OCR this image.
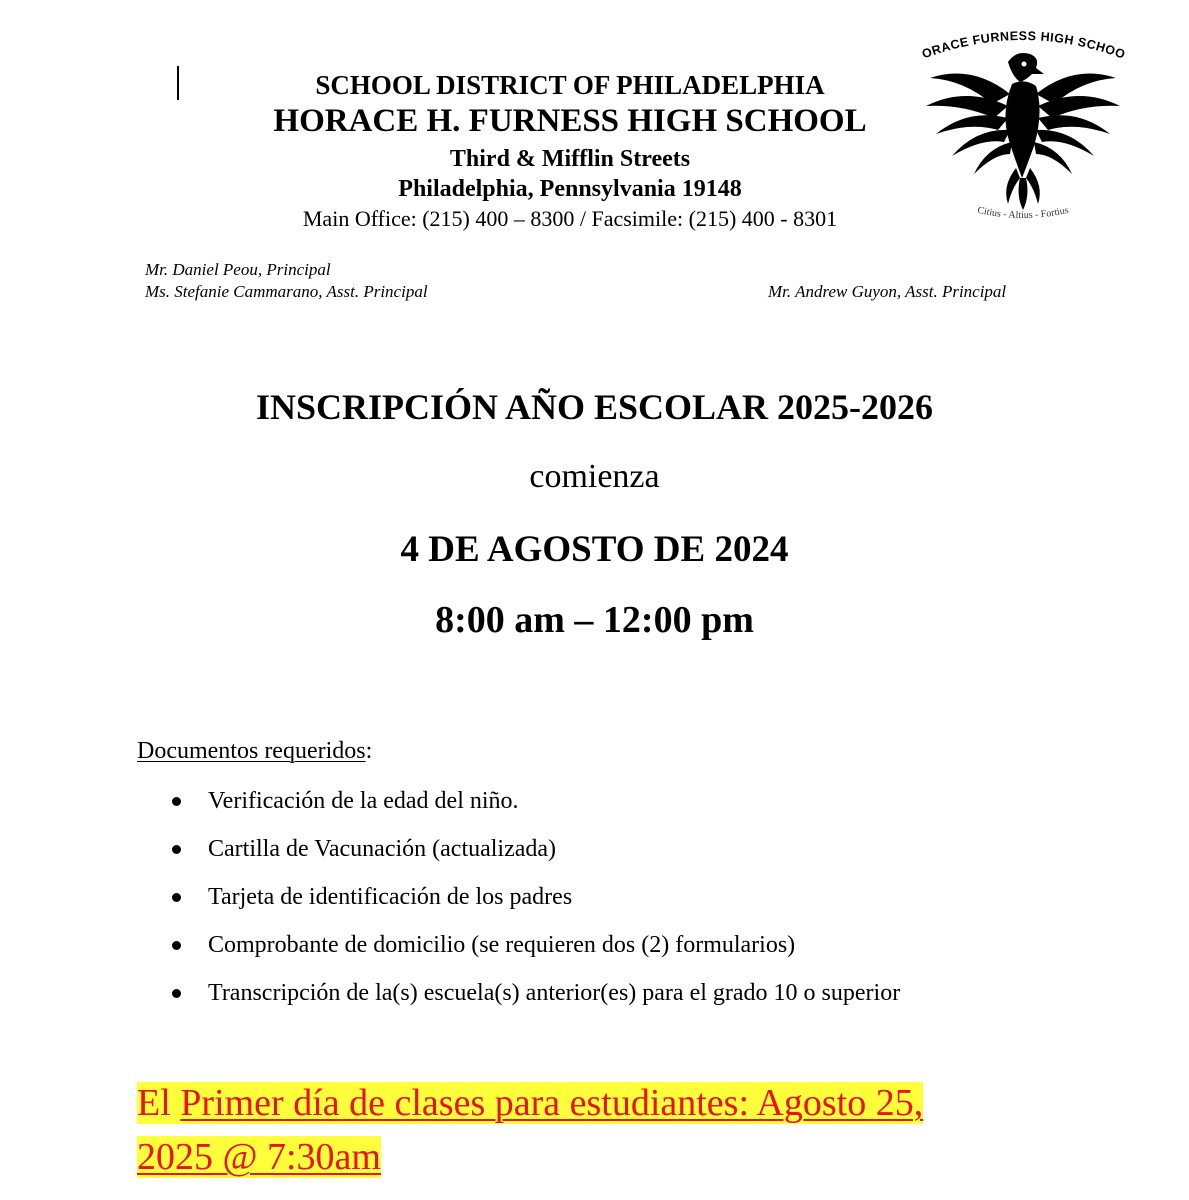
SCHOOL DISTRICT OF PHILADELPHIA
HORACE H. FURNESS HIGH SCHOOL
Third & Mifflin Streets
Philadelphia, Pennsylvania 19148
Main Office: (215) 400 – 8300 / Facsimile: (215) 400 - 8301
Mr. Daniel Peou, Principal
Ms. Stefanie Cammarano, Asst. Principal	Mr. Andrew Guyon, Asst. Principal
ORACE FURNESS HIGH SCHOO
Citius - Altius - Fortius
INSCRIPCIÓN AÑO ESCOLAR 2025-2026
comienza
4 DE AGOSTO DE 2024
8:00 am – 12:00 pm
Documentos requeridos:
Verificación de la edad del niño.
Cartilla de Vacunación (actualizada)
Tarjeta de identificación de los padres
Comprobante de domicilio (se requieren dos (2) formularios)
Transcripción de la(s) escuela(s) anterior(es) para el grado 10 o superior
El Primer día de clases para estudiantes: Agosto 25,
2025 @ 7:30am
